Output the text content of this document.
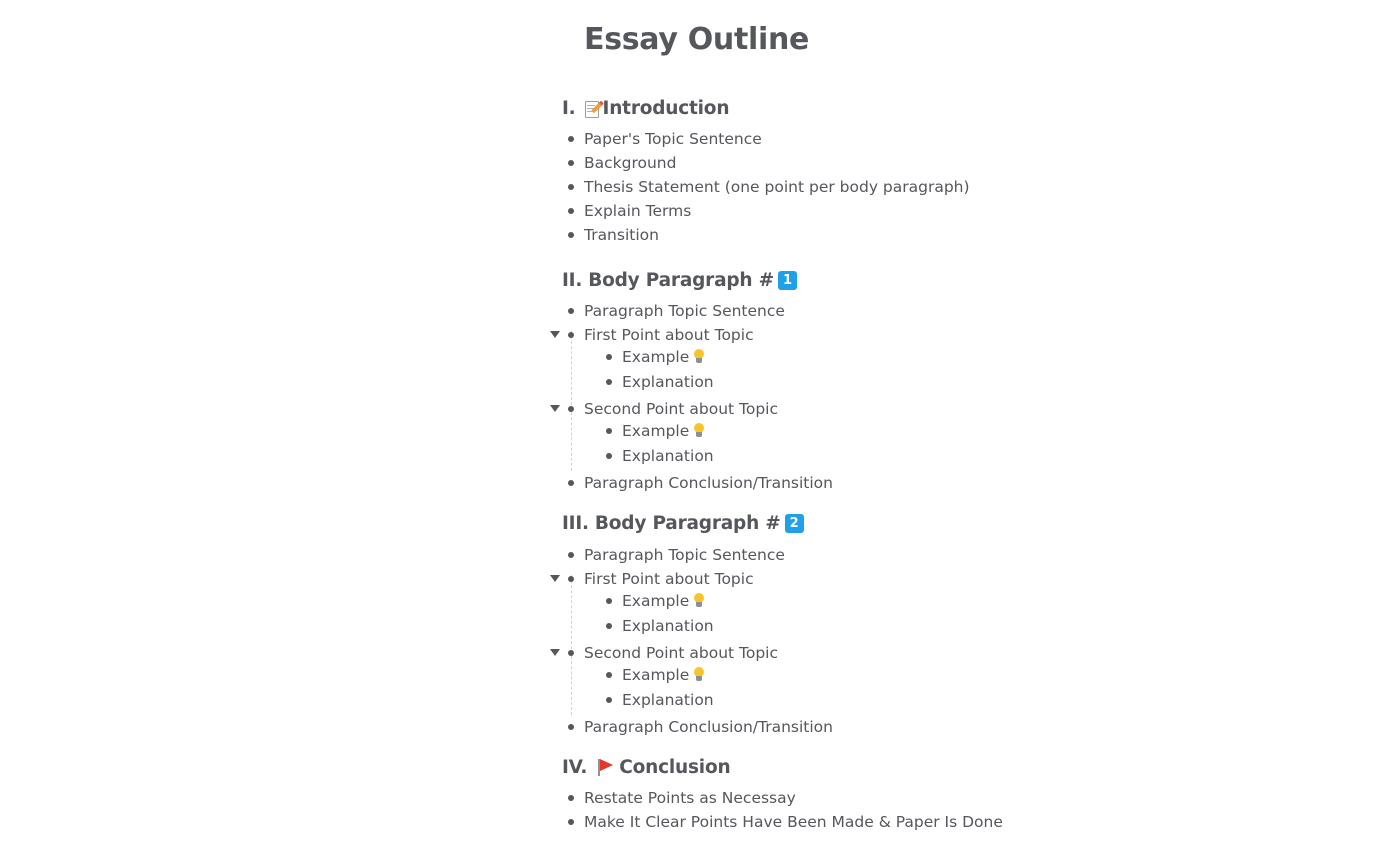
Essay Outline
I. Introduction
Paper's Topic Sentence
Background
Thesis Statement (one point per body paragraph)
Explain Terms
Transition
II. Body Paragraph # 1
Paragraph Topic Sentence
First Point about Topic
Example
Explanation
Second Point about Topic
Example
Explanation
Paragraph Conclusion/Transition
III. Body Paragraph # 2
Paragraph Topic Sentence
First Point about Topic
Example
Explanation
Second Point about Topic
Example
Explanation
Paragraph Conclusion/Transition
IV. Conclusion
Restate Points as Necessay
Make It Clear Points Have Been Made & Paper Is Done
